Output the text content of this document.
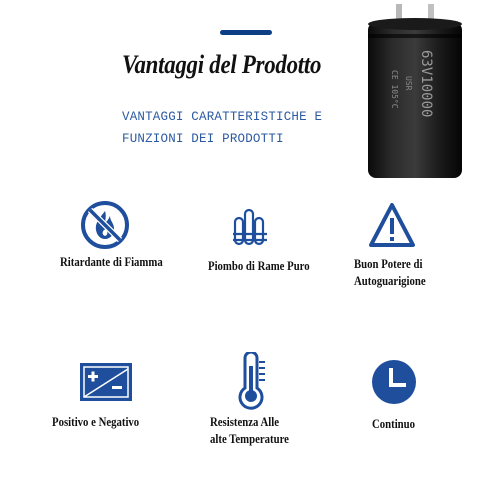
Vantaggi del Prodotto
VANTAGGI CARATTERISTICHE E
FUNZIONI DEI PRODOTTI
63V10000
USR
CE 105°C
Ritardante di Fiamma	Piombo di Rame Puro	Buon Potere di
Autoguarigione
Positivo e Negativo	Resistenza Alle
alte Temperature
Continuo
